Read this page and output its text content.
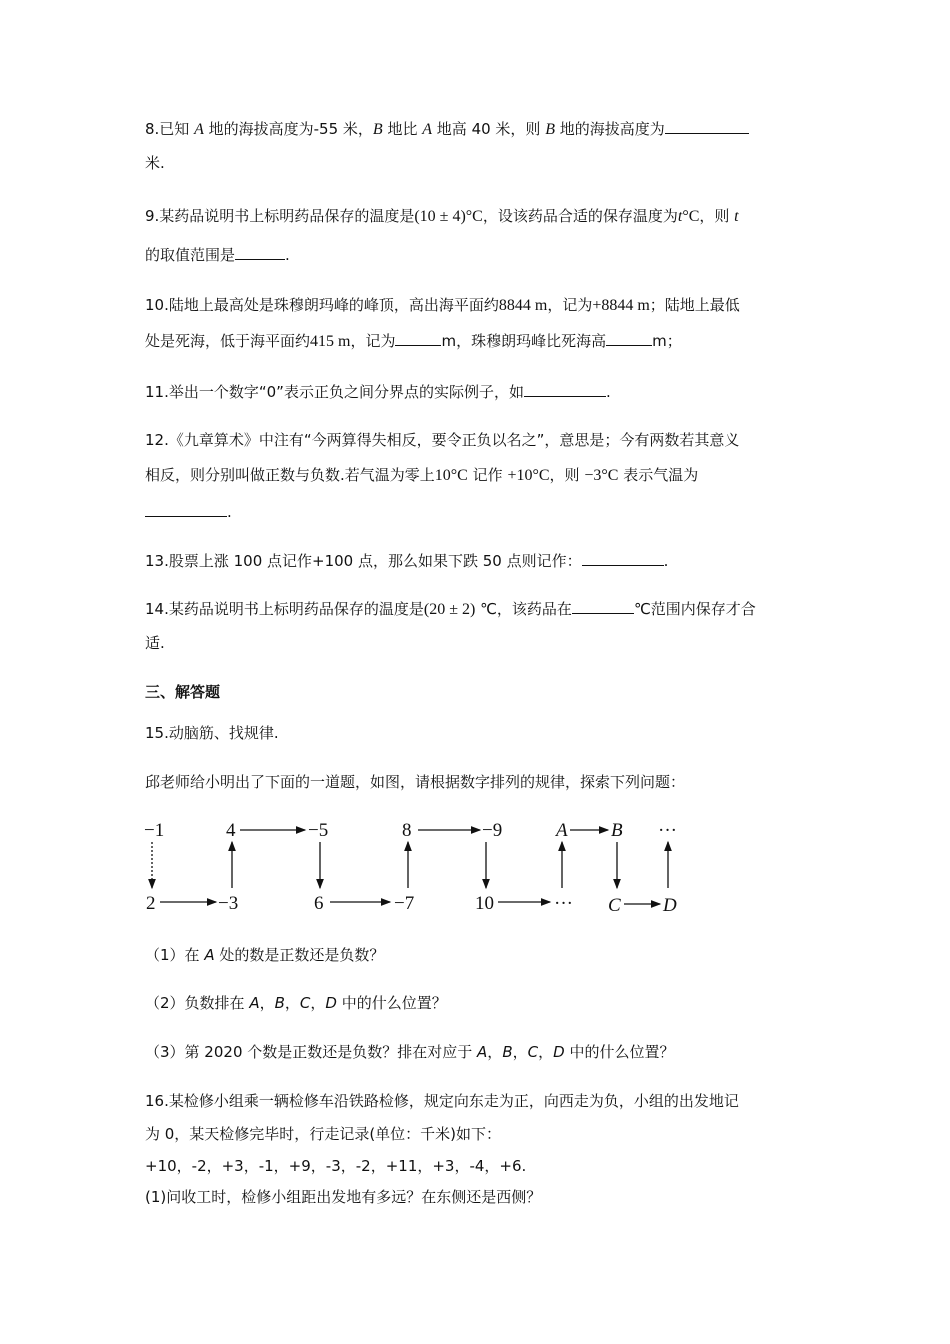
8.已知 A 地的海拔高度为-55 米，B 地比 A 地高 40 米，则 B 地的海拔高度为
米.
9.某药品说明书上标明药品保存的温度是(10 ± 4)°C，设该药品合适的保存温度为t°C，则 t
的取值范围是	.
10.陆地上最高处是珠穆朗玛峰的峰顶，高出海平面约8844 m，记为+8844 m；陆地上最低
处是死海，低于海平面约415 m，记为	m，珠穆朗玛峰比死海高	m；
11.举出一个数字“0”表示正负之间分界点的实际例子，如	.
12.《九章算术》中注有“今两算得失相反，要令正负以名之”，意思是；今有两数若其意义
相反，则分别叫做正数与负数.若气温为零上10°C 记作 +10°C，则 −3°C 表示气温为
.
13.股票上涨 100 点记作+100 点，那么如果下跌 50 点则记作：	.
14.某药品说明书上标明药品保存的温度是(20 ± 2) ℃，该药品在	℃范围内保存才合
适.
三、解答题
15.动脑筋、找规律.
邱老师给小明出了下面的一道题，如图，请根据数字排列的规律，探索下列问题：
−1	4	−5	8	−9	A B ···
2	−3	6	−7	10	··· C D
（1）在 A 处的数是正数还是负数？
（2）负数排在 A，B，C，D 中的什么位置？
（3）第 2020 个数是正数还是负数？排在对应于 A，B，C，D 中的什么位置？
16.某检修小组乘一辆检修车沿铁路检修，规定向东走为正，向西走为负，小组的出发地记
为 0，某天检修完毕时，行走记录(单位：千米)如下：
+10，-2，+3，-1，+9，-3，-2，+11，+3，-4，+6.
(1)问收工时，检修小组距出发地有多远？在东侧还是西侧？
